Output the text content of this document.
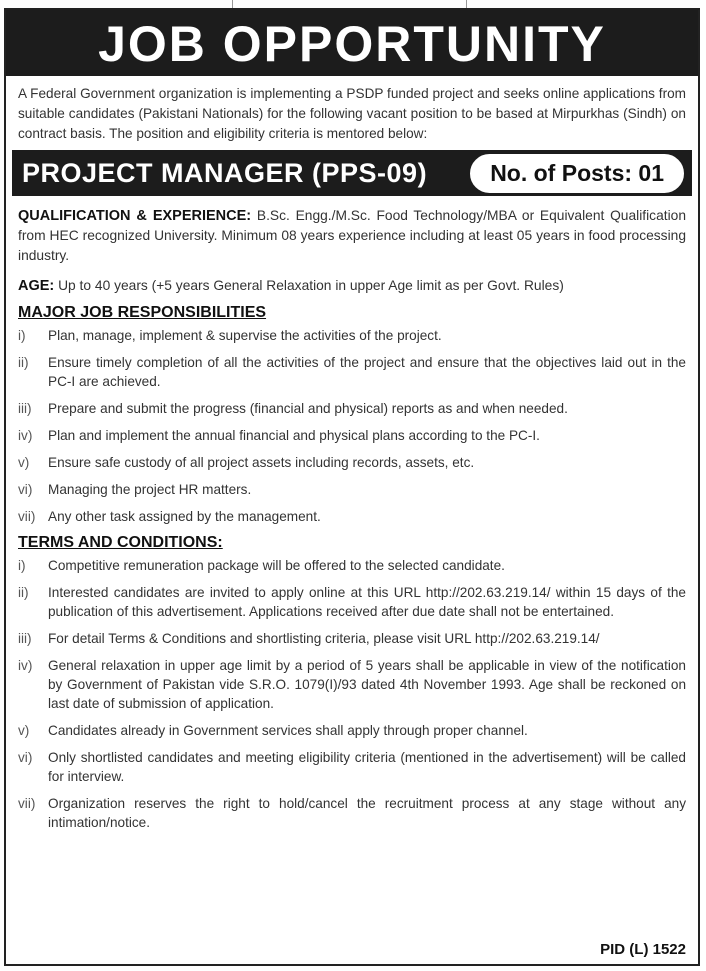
JOB OPPORTUNITY

A Federal Government organization is implementing a PSDP funded project and seeks online applications from suitable candidates (Pakistani Nationals) for the following vacant position to be based at Mirpurkhas (Sindh) on contract basis. The position and eligibility criteria is mentored below:

PROJECT MANAGER (PPS-09)	No. of Posts: 01

QUALIFICATION & EXPERIENCE: B.Sc. Engg./M.Sc. Food Technology/MBA or Equivalent Qualification from HEC recognized University. Minimum 08 years experience including at least 05 years in food processing industry.

AGE: Up to 40 years (+5 years General Relaxation in upper Age limit as per Govt. Rules)

MAJOR JOB RESPONSIBILITIES
i)	Plan, manage, implement & supervise the activities of the project.
ii)	Ensure timely completion of all the activities of the project and ensure that the objectives laid out in the PC-I are achieved.
iii)	Prepare and submit the progress (financial and physical) reports as and when needed.
iv)	Plan and implement the annual financial and physical plans according to the PC-I.
v)	Ensure safe custody of all project assets including records, assets, etc.
vi)	Managing the project HR matters.
vii) Any other task assigned by the management.
TERMS AND CONDITIONS:
i)	Competitive remuneration package will be offered to the selected candidate.
ii)	Interested candidates are invited to apply online at this URL http://202.63.219.14/ within 15 days of the publication of this advertisement. Applications received after due date shall not be entertained.
iii)	For detail Terms & Conditions and shortlisting criteria, please visit URL http://202.63.219.14/
iv)	General relaxation in upper age limit by a period of 5 years shall be applicable in view of the notification by Government of Pakistan vide S.R.O. 1079(I)/93 dated 4th November 1993. Age shall be reckoned on last date of submission of application.
v)	Candidates already in Government services shall apply through proper channel.
vi)	Only shortlisted candidates and meeting eligibility criteria (mentioned in the advertisement) will be called for interview.
vii) Organization reserves the right to hold/cancel the recruitment process at any stage without any intimation/notice.
PID (L) 1522
